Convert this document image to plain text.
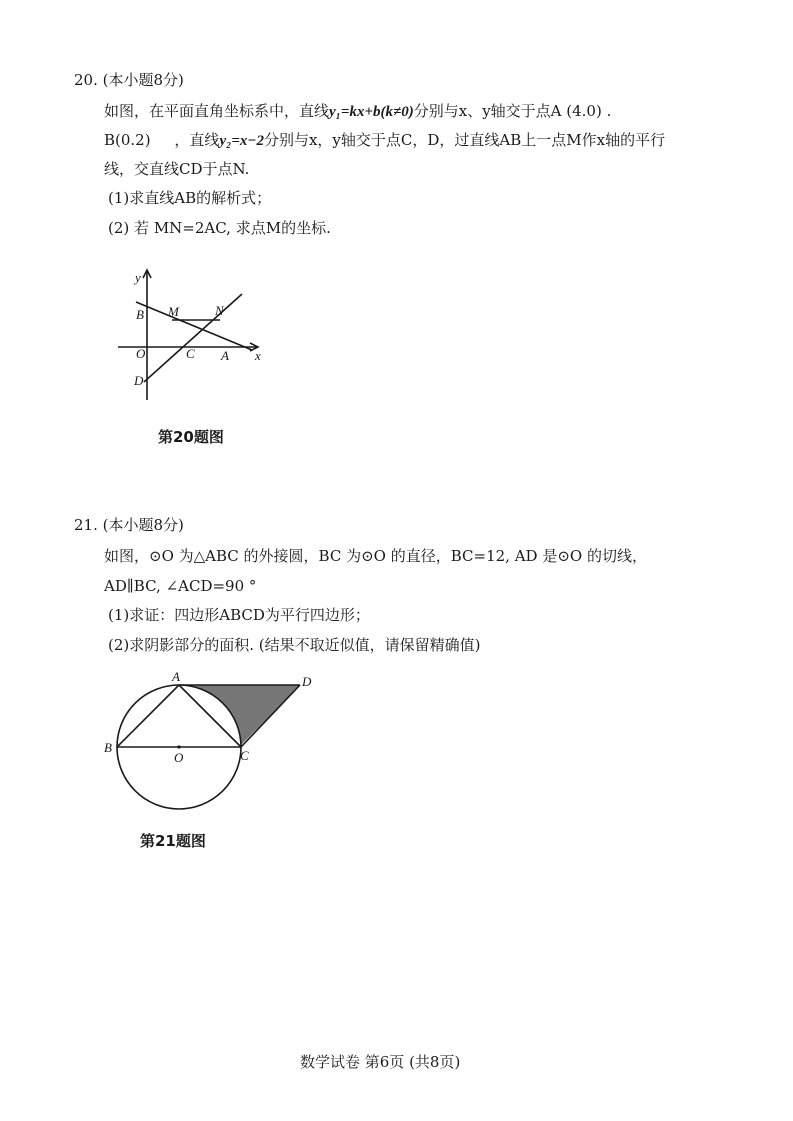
20. (本小题8分)
如图，在平面直角坐标系中，直线y₁=kx+b(k≠0)分别与x、y轴交于点A (4.0) .
B(0.2)     ，直线y₂=x−2分别与x，y轴交于点C，D，过直线AB上一点M作x轴的平行
线，交直线CD于点N.
(1)求直线AB的解析式；
(2) 若 MN=2AC, 求点M的坐标.
y
B M	N
O	C A x
D
第20题图
21. (本小题8分)
如图，⊙O 为△ABC 的外接圆，BC 为⊙O 的直径，BC=12, AD 是⊙O 的切线，
AD∥BC, ∠ACD=90 °
(1)求证：四边形ABCD为平行四边形；
(2)求阴影部分的面积. (结果不取近似值，请保留精确值)
A	D
B
C
O
第21题图
数学试卷 第6页 (共8页)
